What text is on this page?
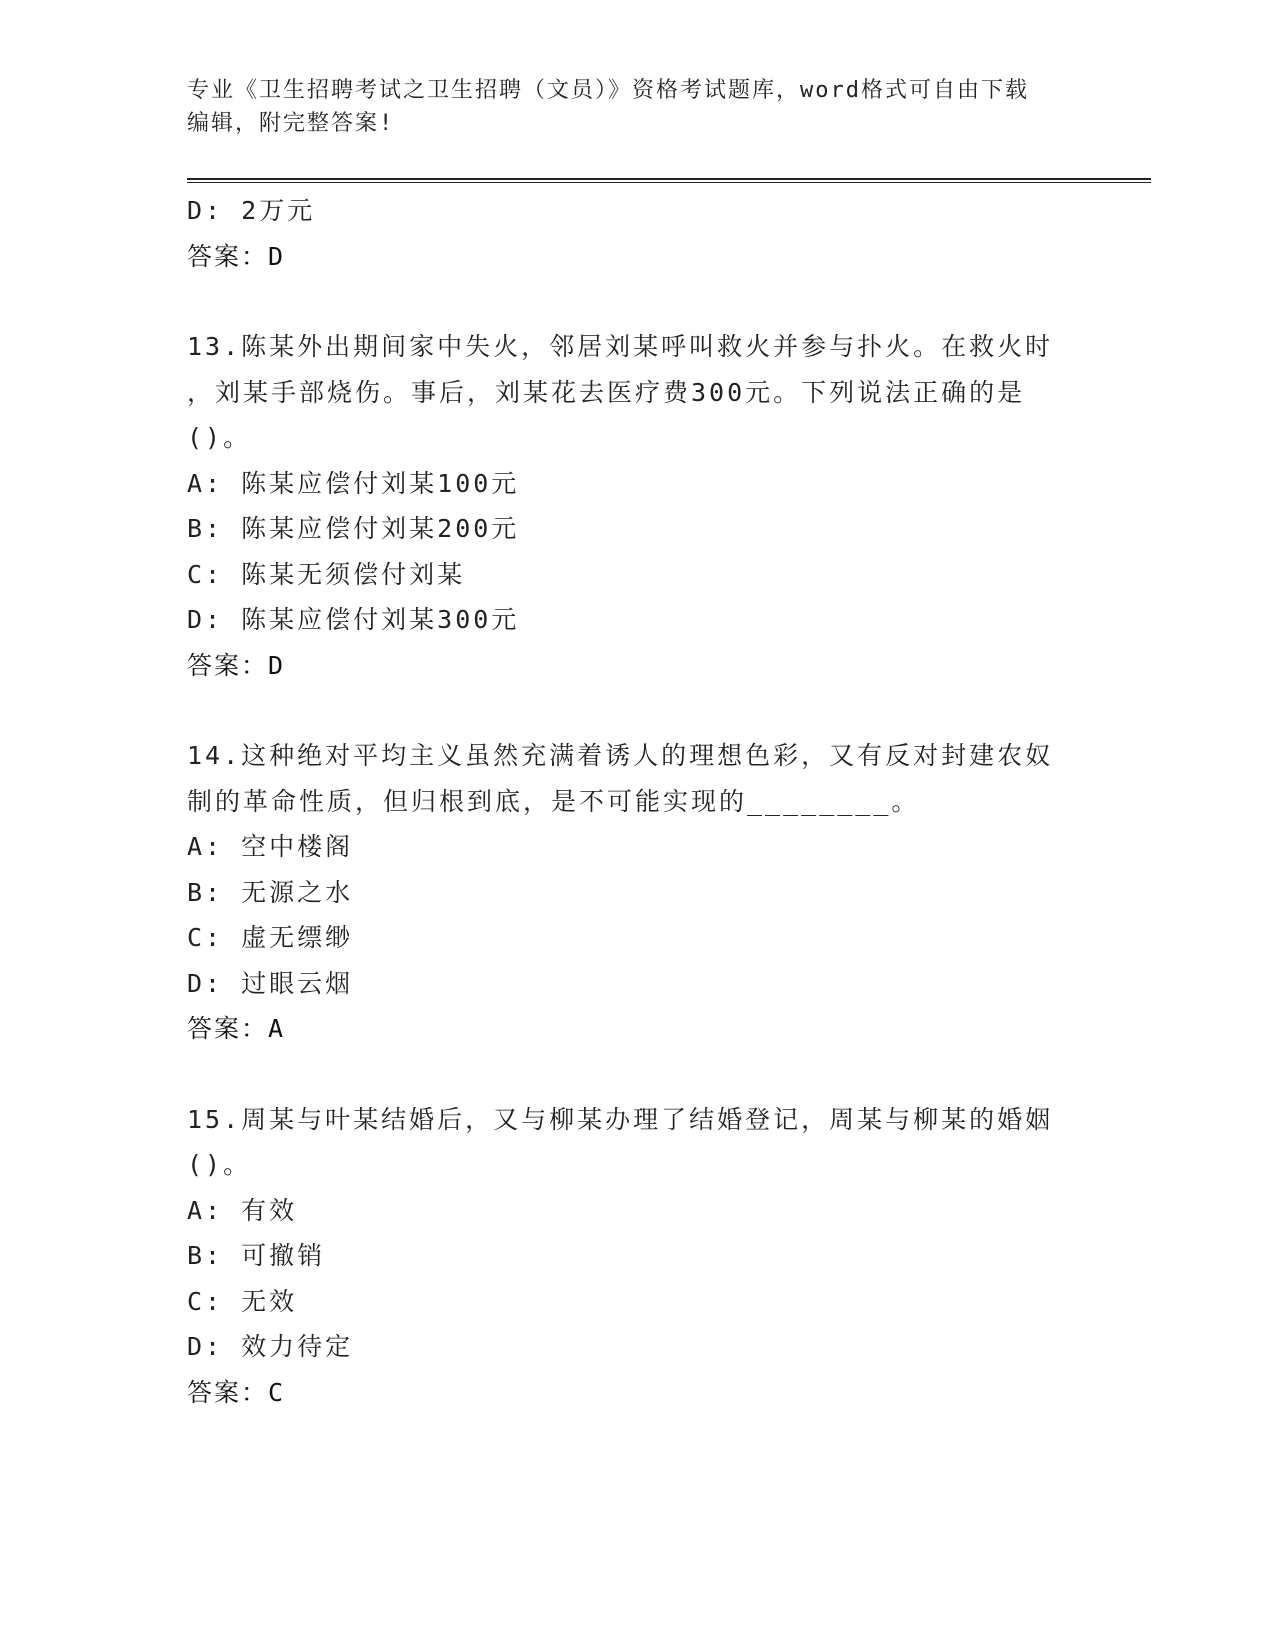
专业《卫生招聘考试之卫生招聘（文员）》资格考试题库，word格式可自由下载
编辑，附完整答案!
D: 2万元
答案：D
13.陈某外出期间家中失火，邻居刘某呼叫救火并参与扑火。在救火时
，刘某手部烧伤。事后，刘某花去医疗费300元。下列说法正确的是
()。
A: 陈某应偿付刘某100元
B: 陈某应偿付刘某200元
C: 陈某无须偿付刘某
D: 陈某应偿付刘某300元
答案：D
14.这种绝对平均主义虽然充满着诱人的理想色彩，又有反对封建农奴
制的革命性质，但归根到底，是不可能实现的________。
A: 空中楼阁
B: 无源之水
C: 虚无缥缈
D: 过眼云烟
答案：A
15.周某与叶某结婚后，又与柳某办理了结婚登记，周某与柳某的婚姻
()。
A: 有效
B: 可撤销
C: 无效
D: 效力待定
答案：C
